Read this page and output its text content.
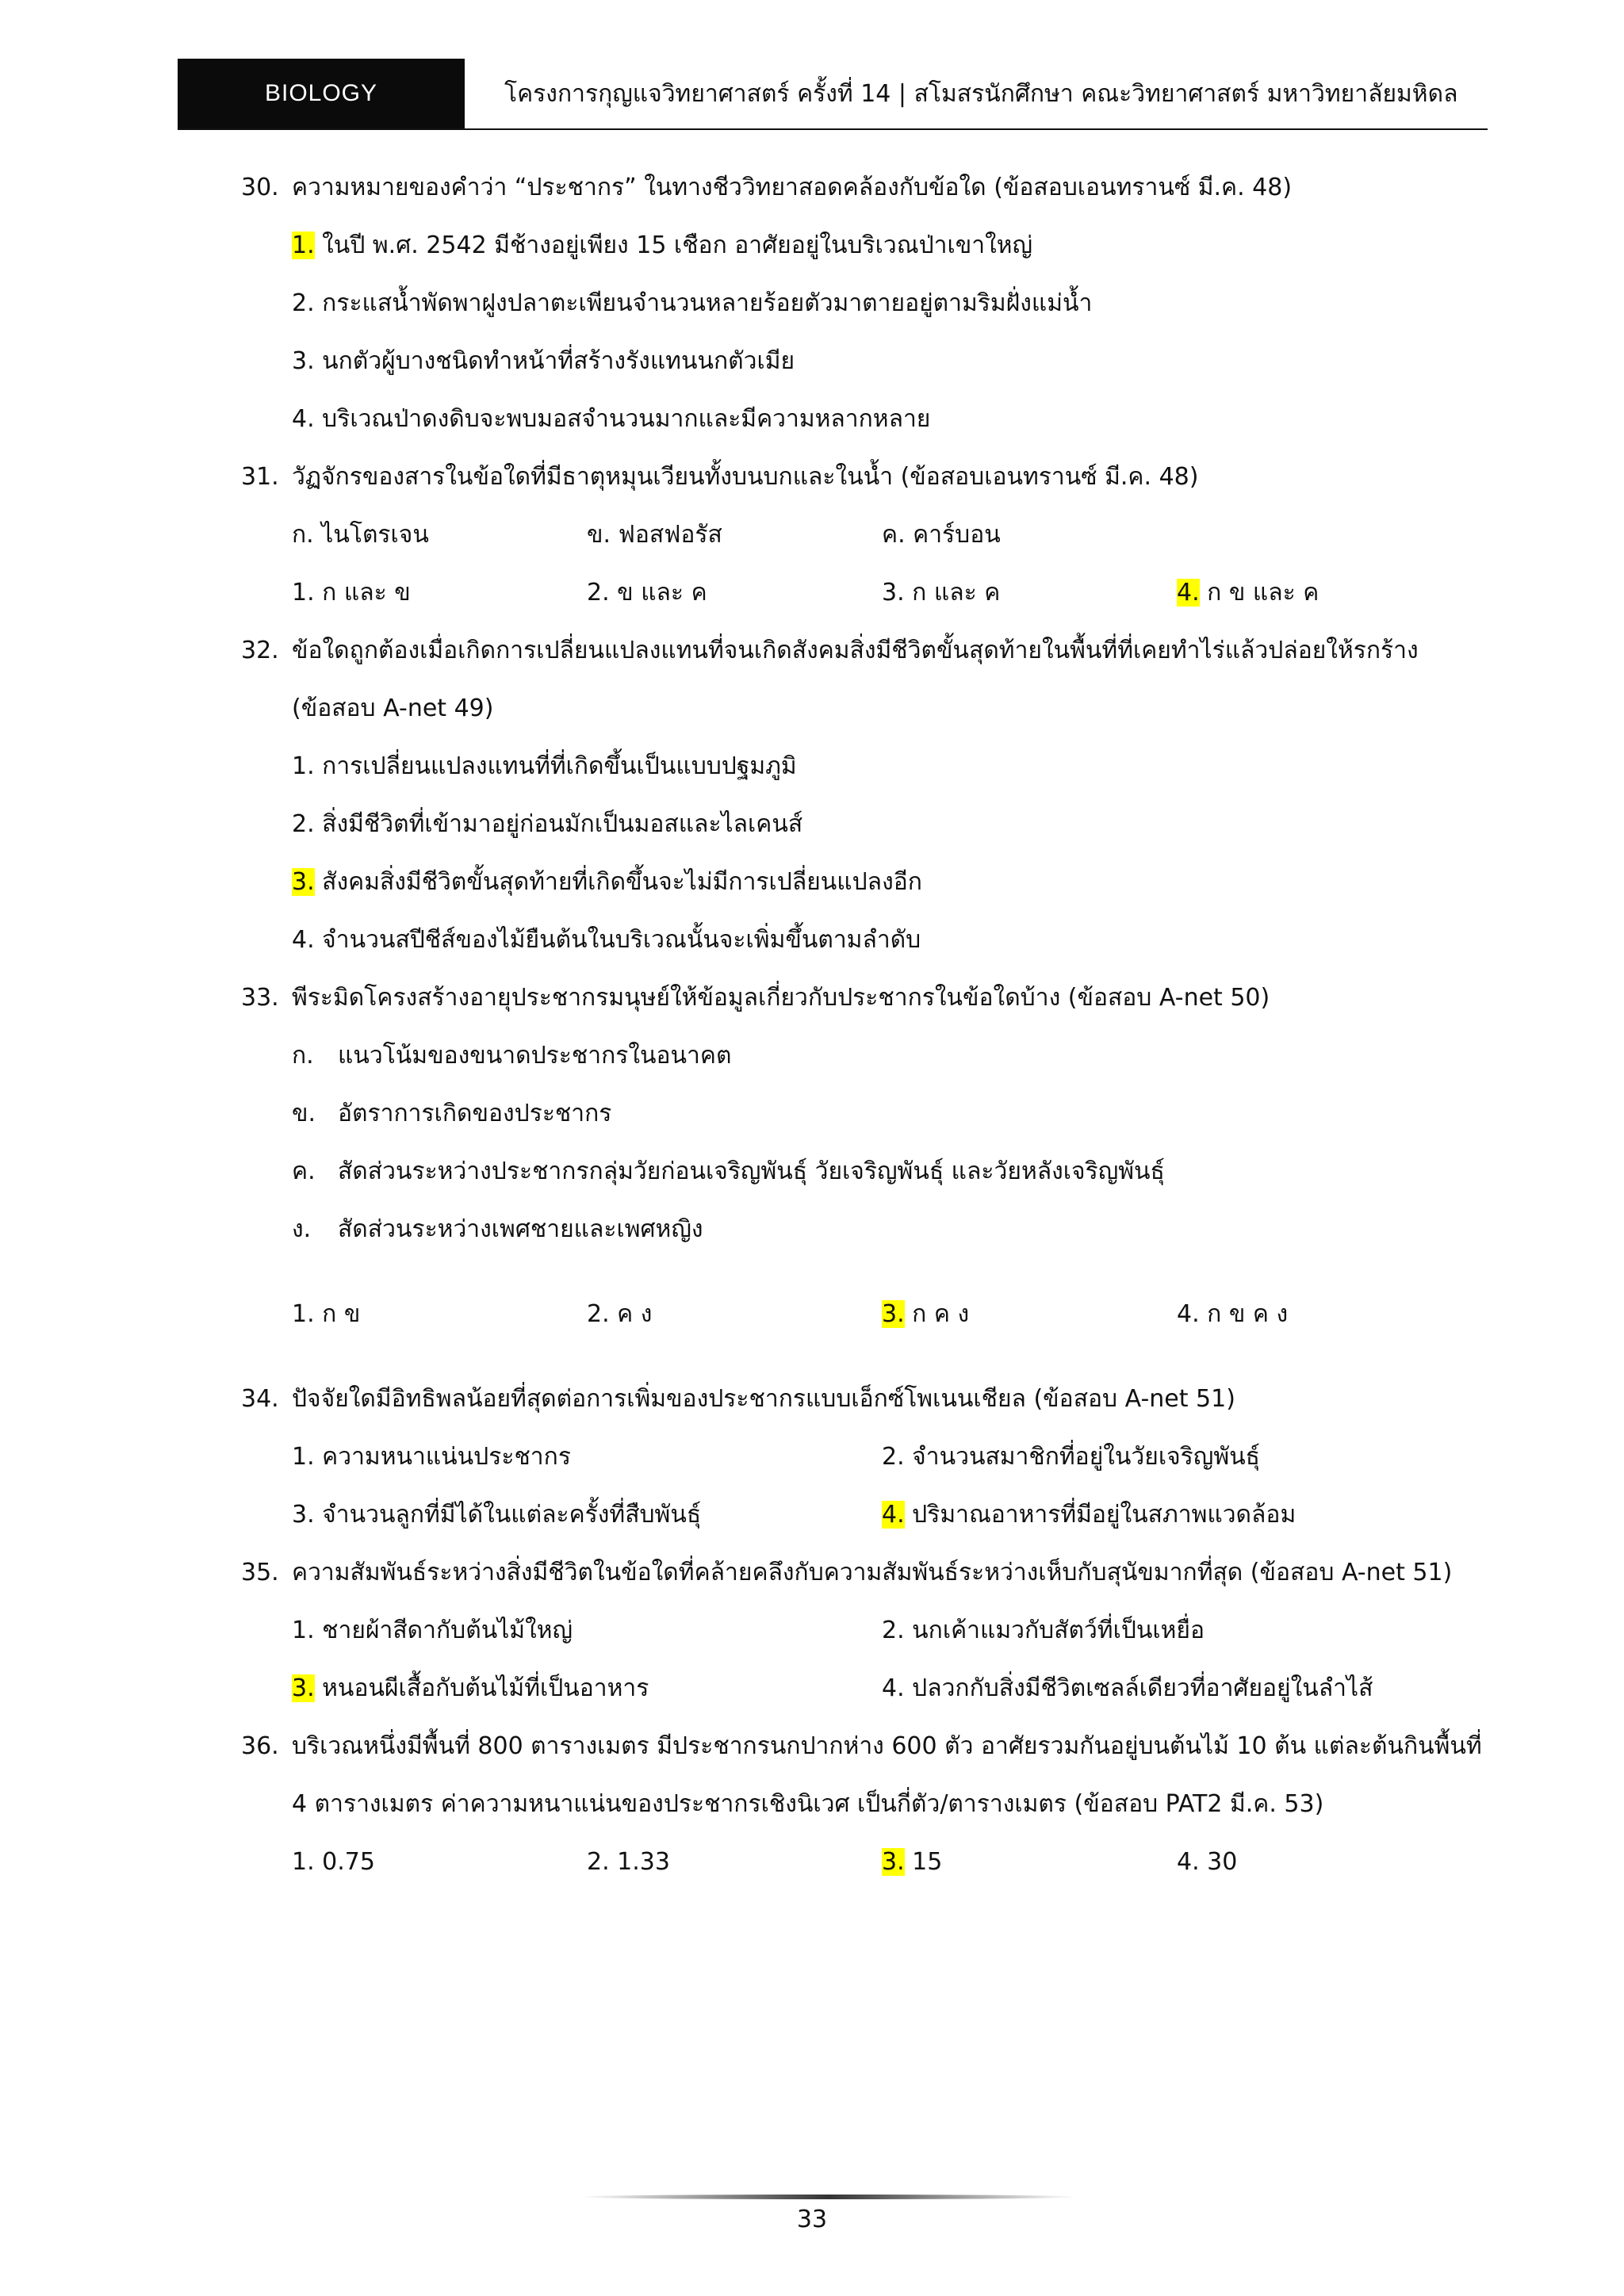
BIOLOGY	โครงการกุญแจวิทยาศาสตร์ ครั้งที่ 14 | สโมสรนักศึกษา คณะวิทยาศาสตร์ มหาวิทยาลัยมหิดล
30. ความหมายของคำว่า “ประชากร” ในทางชีววิทยาสอดคล้องกับข้อใด (ข้อสอบเอนทรานซ์ มี.ค. 48)
1. ในปี พ.ศ. 2542 มีช้างอยู่เพียง 15 เชือก อาศัยอยู่ในบริเวณป่าเขาใหญ่
2. กระแสน้ำพัดพาฝูงปลาตะเพียนจำนวนหลายร้อยตัวมาตายอยู่ตามริมฝั่งแม่น้ำ
3. นกตัวผู้บางชนิดทำหน้าที่สร้างรังแทนนกตัวเมีย
4. บริเวณป่าดงดิบจะพบมอสจำนวนมากและมีความหลากหลาย
31. วัฏจักรของสารในข้อใดที่มีธาตุหมุนเวียนทั้งบนบกและในน้ำ (ข้อสอบเอนทรานซ์ มี.ค. 48)
ก. ไนโตรเจน	ข. ฟอสฟอรัส	ค. คาร์บอน
1. ก และ ข	2. ข และ ค	3. ก และ ค	4. ก ข และ ค
32. ข้อใดถูกต้องเมื่อเกิดการเปลี่ยนแปลงแทนที่จนเกิดสังคมสิ่งมีชีวิตขั้นสุดท้ายในพื้นที่ที่เคยทำไร่แล้วปล่อยให้รกร้าง
(ข้อสอบ A-net 49)
1. การเปลี่ยนแปลงแทนที่ที่เกิดขึ้นเป็นแบบปฐมภูมิ
2. สิ่งมีชีวิตที่เข้ามาอยู่ก่อนมักเป็นมอสและไลเคนส์
3. สังคมสิ่งมีชีวิตขั้นสุดท้ายที่เกิดขึ้นจะไม่มีการเปลี่ยนแปลงอีก
4. จำนวนสปีชีส์ของไม้ยืนต้นในบริเวณนั้นจะเพิ่มขึ้นตามลำดับ
33. พีระมิดโครงสร้างอายุประชากรมนุษย์ให้ข้อมูลเกี่ยวกับประชากรในข้อใดบ้าง (ข้อสอบ A-net 50)
ก.	แนวโน้มของขนาดประชากรในอนาคต
ข. อัตราการเกิดของประชากร
ค. สัดส่วนระหว่างประชากรกลุ่มวัยก่อนเจริญพันธุ์ วัยเจริญพันธุ์ และวัยหลังเจริญพันธุ์
ง.	สัดส่วนระหว่างเพศชายและเพศหญิง
1. ก ข	2. ค ง	3. ก ค ง	4. ก ข ค ง
34. ปัจจัยใดมีอิทธิพลน้อยที่สุดต่อการเพิ่มของประชากรแบบเอ็กซ์โพเนนเชียล (ข้อสอบ A-net 51)
1. ความหนาแน่นประชากร	2. จำนวนสมาชิกที่อยู่ในวัยเจริญพันธุ์
3. จำนวนลูกที่มีได้ในแต่ละครั้งที่สืบพันธุ์	4. ปริมาณอาหารที่มีอยู่ในสภาพแวดล้อม
35. ความสัมพันธ์ระหว่างสิ่งมีชีวิตในข้อใดที่คล้ายคลึงกับความสัมพันธ์ระหว่างเห็บกับสุนัขมากที่สุด (ข้อสอบ A-net 51)
1. ชายผ้าสีดากับต้นไม้ใหญ่	2. นกเค้าแมวกับสัตว์ที่เป็นเหยื่อ
3. หนอนผีเสื้อกับต้นไม้ที่เป็นอาหาร	4. ปลวกกับสิ่งมีชีวิตเซลล์เดียวที่อาศัยอยู่ในลำไส้
36. บริเวณหนึ่งมีพื้นที่ 800 ตารางเมตร มีประชากรนกปากห่าง 600 ตัว อาศัยรวมกันอยู่บนต้นไม้ 10 ต้น แต่ละต้นกินพื้นที่
4 ตารางเมตร ค่าความหนาแน่นของประชากรเชิงนิเวศ เป็นกี่ตัว/ตารางเมตร (ข้อสอบ PAT2 มี.ค. 53)
1. 0.75	2. 1.33	3. 15	4. 30
33
